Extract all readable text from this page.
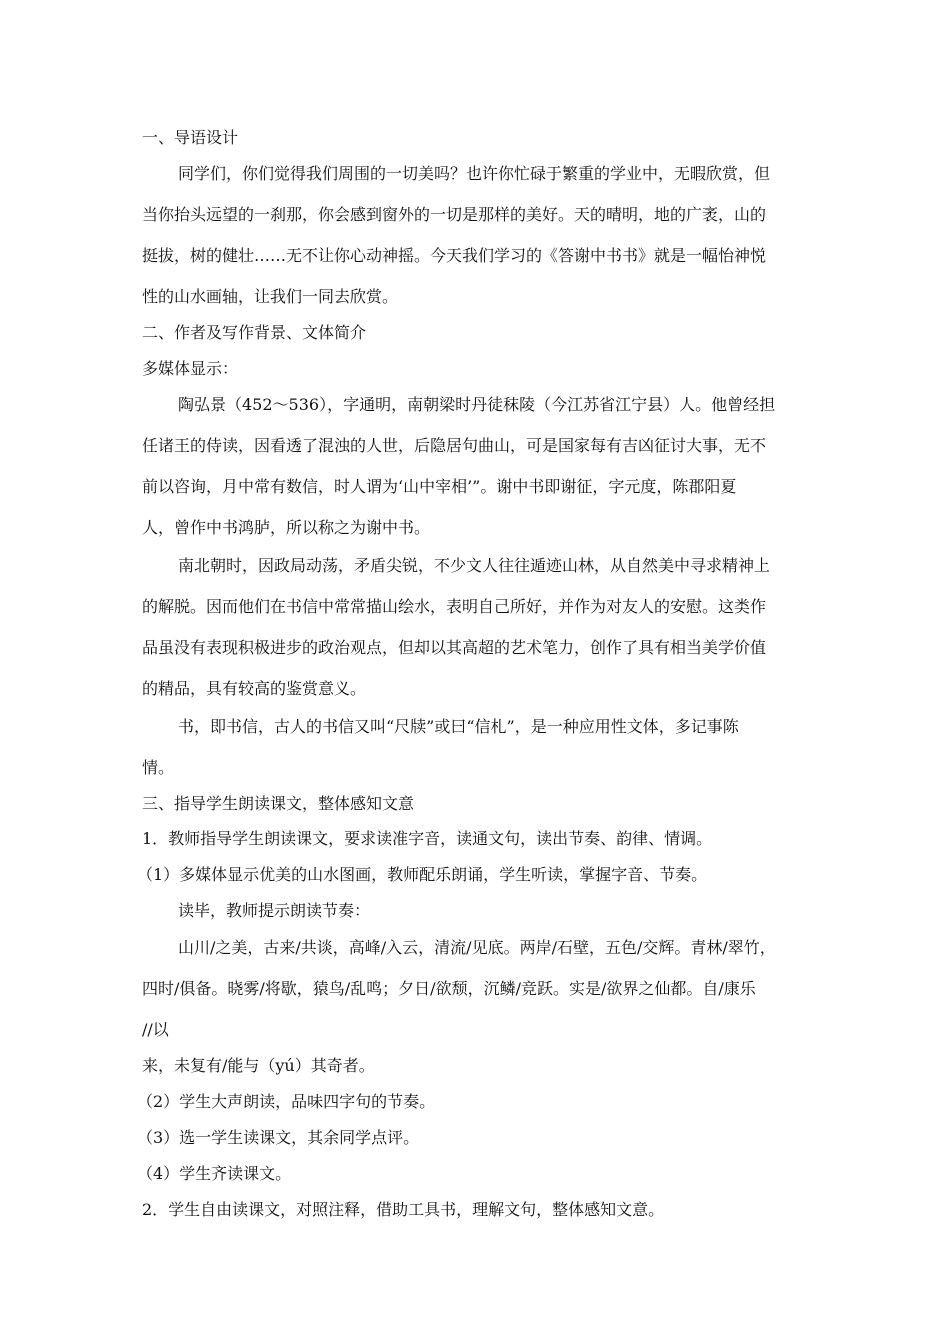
一、导语设计
同学们，你们觉得我们周围的一切美吗？也许你忙碌于繁重的学业中，无暇欣赏，但
当你抬头远望的一刹那，你会感到窗外的一切是那样的美好。天的晴明，地的广袤，山的
挺拔，树的健壮……无不让你心动神摇。今天我们学习的《答谢中书书》就是一幅怡神悦
性的山水画轴，让我们一同去欣赏。
二、作者及写作背景、文体简介
多媒体显示：
陶弘景（452～536），字通明，南朝梁时丹徒秣陵（今江苏省江宁县）人。他曾经担
任诸王的侍读，因看透了混浊的人世，后隐居句曲山，可是国家每有吉凶征讨大事，无不
前以咨询，月中常有数信，时人谓为‘山中宰相’”。谢中书即谢征，字元度，陈郡阳夏
人，曾作中书鸿胪，所以称之为谢中书。
南北朝时，因政局动荡，矛盾尖锐，不少文人往往遁迹山林，从自然美中寻求精神上
的解脱。因而他们在书信中常常描山绘水，表明自己所好，并作为对友人的安慰。这类作
品虽没有表现积极进步的政治观点，但却以其高超的艺术笔力，创作了具有相当美学价值
的精品，具有较高的鉴赏意义。
书，即书信，古人的书信又叫“尺牍”或曰“信札”，是一种应用性文体，多记事陈
情。
三、指导学生朗读课文，整体感知文意
1．教师指导学生朗读课文，要求读准字音，读通文句，读出节奏、韵律、情调。
（1）多媒体显示优美的山水图画，教师配乐朗诵，学生听读，掌握字音、节奏。
读毕，教师提示朗读节奏：
山川/之美，古来/共谈，高峰/入云，清流/见底。两岸/石壁，五色/交辉。青林/翠竹，
四时/俱备。晓雾/将歇，猿鸟/乱鸣；夕日/欲颓，沉鳞/竞跃。实是/欲界之仙都。自/康乐
//以
来，未复有/能与（yú）其奇者。
（2）学生大声朗读，品味四字句的节奏。
（3）选一学生读课文，其余同学点评。
（4）学生齐读课文。
2．学生自由读课文，对照注释，借助工具书，理解文句，整体感知文意。
